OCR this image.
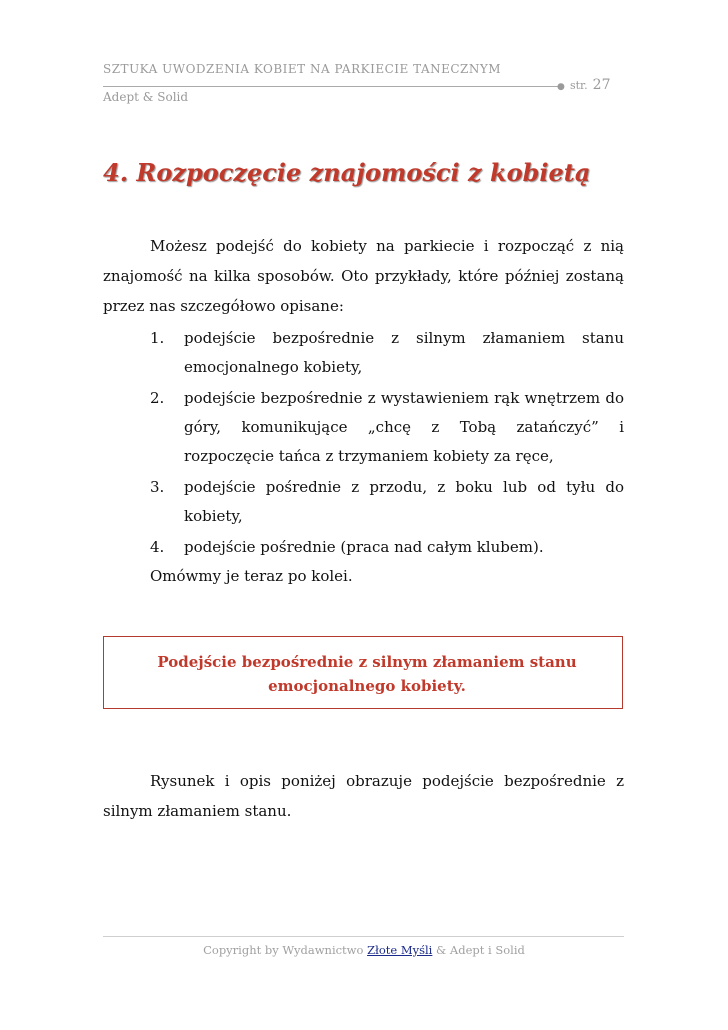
SZTUKA UWODZENIA KOBIET NA PARKIECIE TANECZNYM
● str. 27
Adept & Solid
4. Rozpoczęcie znajomości z kobietą

Możesz podejść do kobiety na parkiecie i rozpocząć z nią znajomość na kilka sposobów. Oto przykłady, które później zostaną przez nas szczegółowo opisane:

1. podejście bezpośrednie z silnym złamaniem stanu emocjonalnego kobiety,
2. podejście bezpośrednie z wystawieniem rąk wnętrzem do góry, komunikujące „chcę z Tobą zatańczyć” i rozpoczęcie tańca z trzymaniem kobiety za ręce,
3. podejście pośrednie z przodu, z boku lub od tyłu do kobiety,
4. podejście pośrednie (praca nad całym klubem).
Omówmy je teraz po kolei.
Podejście bezpośrednie z silnym złamaniem stanu emocjonalnego kobiety.

Rysunek i opis poniżej obrazuje podejście bezpośrednie z silnym złamaniem stanu.

Copyright by Wydawnictwo Złote Myśli & Adept i Solid
